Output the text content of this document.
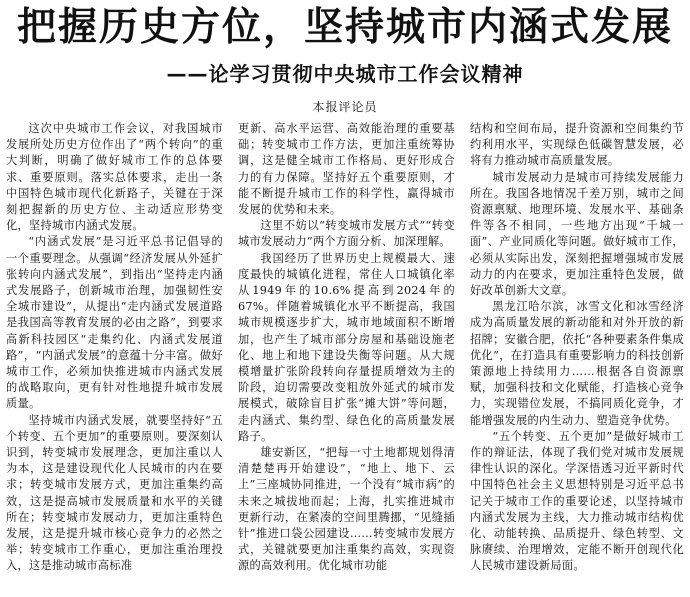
把握历史方位，坚持城市内涵式发展
——论学习贯彻中央城市工作会议精神
本报评论员

这次中央城市工作会议，对我国城市发展所处历史方位作出了“两个转向”的重大判断，明确了做好城市工作的总体要求、重要原则。落实总体要求，走出一条中国特色城市现代化新路子，关键在于深刻把握新的历史方位、主动适应形势变化，坚持城市内涵式发展。

“内涵式发展”是习近平总书记倡导的一个重要理念。从强调“经济发展从外延扩张转向内涵式发展”，到指出“坚持走内涵式发展路子，创新城市治理，加强韧性安全城市建设”，从提出“走内涵式发展道路是我国高等教育发展的必由之路”，到要求高新科技园区“走集约化、内涵式发展道路”，“内涵式发展”的意蕴十分丰富。做好城市工作，必须加快推进城市内涵式发展的战略取向，更有针对性地提升城市发展质量。

坚持城市内涵式发展，就要坚持好“五个转变、五个更加”的重要原则。要深刻认识到，转变城市发展理念，更加注重以人为本，这是建设现代化人民城市的内在要求；转变城市发展方式，更加注重集约高效，这是提高城市发展质量和水平的关键所在；转变城市发展动力，更加注重特色发展，这是提升城市核心竞争力的必然之举；转变城市工作重心，更加注重治理投入，这是推动城市高标准

更新、高水平运营、高效能治理的重要基础；转变城市工作方法，更加注重统筹协调，这是健全城市工作格局、更好形成合力的有力保障。坚持好五个重要原则，才能不断提升城市工作的科学性，赢得城市发展的优势和未来。

这里不妨以“转变城市发展方式”“转变城市发展动力”两个方面分析、加深理解。

我国经历了世界历史上规模最大、速度最快的城镇化进程，常住人口城镇化率从1949年的10.6%提高到2024年的67%。伴随着城镇化水平不断提高，我国城市规模逐步扩大，城市地域面积不断增加，也产生了城市部分房屋和基础设施老化、地上和地下建设失衡等问题。从大规模增量扩张阶段转向存量提质增效为主的阶段，迫切需要改变粗放外延式的城市发展模式，破除盲目扩张“摊大饼”等问题，走内涵式、集约型、绿色化的高质量发展路子。

雄安新区，“把每一寸土地都规划得清清楚楚再开始建设”，“地上、地下、云上”三座城协同推进，一个没有“城市病”的未来之城拔地而起；上海，扎实推进城市更新行动，在紧凑的空间里腾挪，“见缝插针”推进口袋公园建设……转变城市发展方式，关键就要更加注重集约高效，实现资源的高效利用。优化城市功能

结构和空间布局，提升资源和空间集约节约利用水平，实现绿色低碳智慧发展，必将有力推动城市高质量发展。

城市发展动力是城市可持续发展能力所在。我国各地情况千差万别，城市之间资源禀赋、地理环境、发展水平、基础条件等各不相同，一些地方出现“千城一面”、产业同质化等问题。做好城市工作，必须从实际出发，深刻把握增强城市发展动力的内在要求，更加注重特色发展，做好改革创新大文章。

黑龙江哈尔滨，冰雪文化和冰雪经济成为高质量发展的新动能和对外开放的新招牌；安徽合肥，依托“各种要素条件集成优化”，在打造具有重要影响力的科技创新策源地上持续用力……根据各自资源禀赋，加强科技和文化赋能，打造核心竞争力，实现错位发展，不搞同质化竞争，才能增强发展的内生动力、塑造竞争优势。

“五个转变、五个更加”是做好城市工作的辩证法，体现了我们党对城市发展规律性认识的深化。学深悟透习近平新时代中国特色社会主义思想特别是习近平总书记关于城市工作的重要论述，以坚持城市内涵式发展为主线，大力推动城市结构优化、动能转换、品质提升、绿色转型、文脉赓续、治理增效，定能不断开创现代化人民城市建设新局面。
